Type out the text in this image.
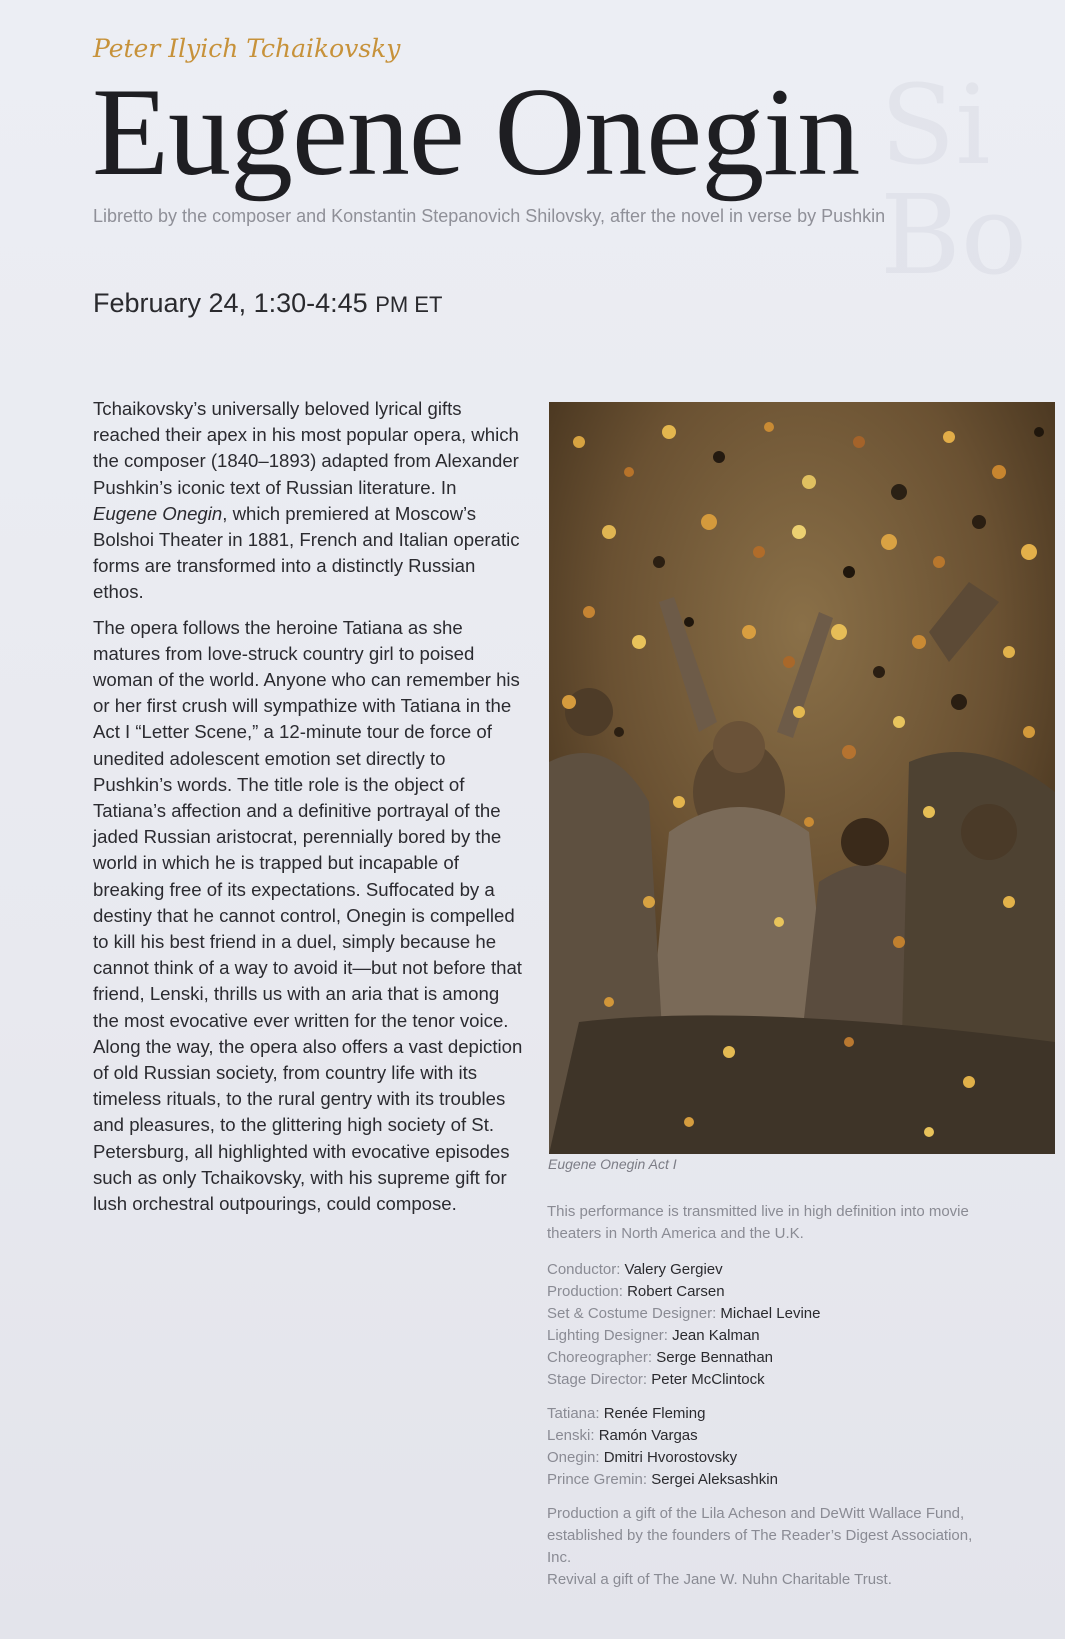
Si
Bo
Peter Ilyich Tchaikovsky
Eugene Onegin
Libretto by the composer and Konstantin Stepanovich Shilovsky, after the novel in verse by Pushkin
February 24, 1:30-4:45 PM ET

Tchaikovsky’s universally beloved lyrical gifts reached their apex in his most popular opera, which the composer (1840–1893) adapted from Alexander Pushkin’s iconic text of Russian literature. In Eugene Onegin, which premiered at Moscow’s Bolshoi Theater in 1881, French and Italian operatic forms are transformed into a distinctly Russian ethos.

The opera follows the heroine Tatiana as she matures from love-struck country girl to poised woman of the world. Anyone who can remember his or her first crush will sympathize with Tatiana in the Act I “Letter Scene,” a 12-minute tour de force of unedited adolescent emotion set directly to Pushkin’s words. The title role is the object of Tatiana’s affection and a definitive portrayal of the jaded Russian aristocrat, perennially bored by the world in which he is trapped but incapable of breaking free of its expectations. Suffocated by a destiny that he cannot control, Onegin is compelled to kill his best friend in a duel, simply because he cannot think of a way to avoid it—but not before that friend, Lenski, thrills us with an aria that is among the most evocative ever written for the tenor voice. Along the way, the opera also offers a vast depiction of old Russian society, from country life with its timeless rituals, to the rural gentry with its troubles and pleasures, to the glittering high society of St. Petersburg, all highlighted with evocative episodes such as only Tchaikovsky, with his supreme gift for lush orchestral outpourings, could compose.

Eugene Onegin Act I
This performance is transmitted live in high definition into movie theaters in North America and the U.K.
Conductor: Valery Gergiev
Production: Robert Carsen
Set & Costume Designer: Michael Levine
Lighting Designer: Jean Kalman
Choreographer: Serge Bennathan
Stage Director: Peter McClintock
Tatiana: Renée Fleming
Lenski: Ramón Vargas
Onegin: Dmitri Hvorostovsky
Prince Gremin: Sergei Aleksashkin
Production a gift of the Lila Acheson and DeWitt Wallace Fund, established by the founders of The Reader’s Digest Association, Inc.
Revival a gift of The Jane W. Nuhn Charitable Trust.
